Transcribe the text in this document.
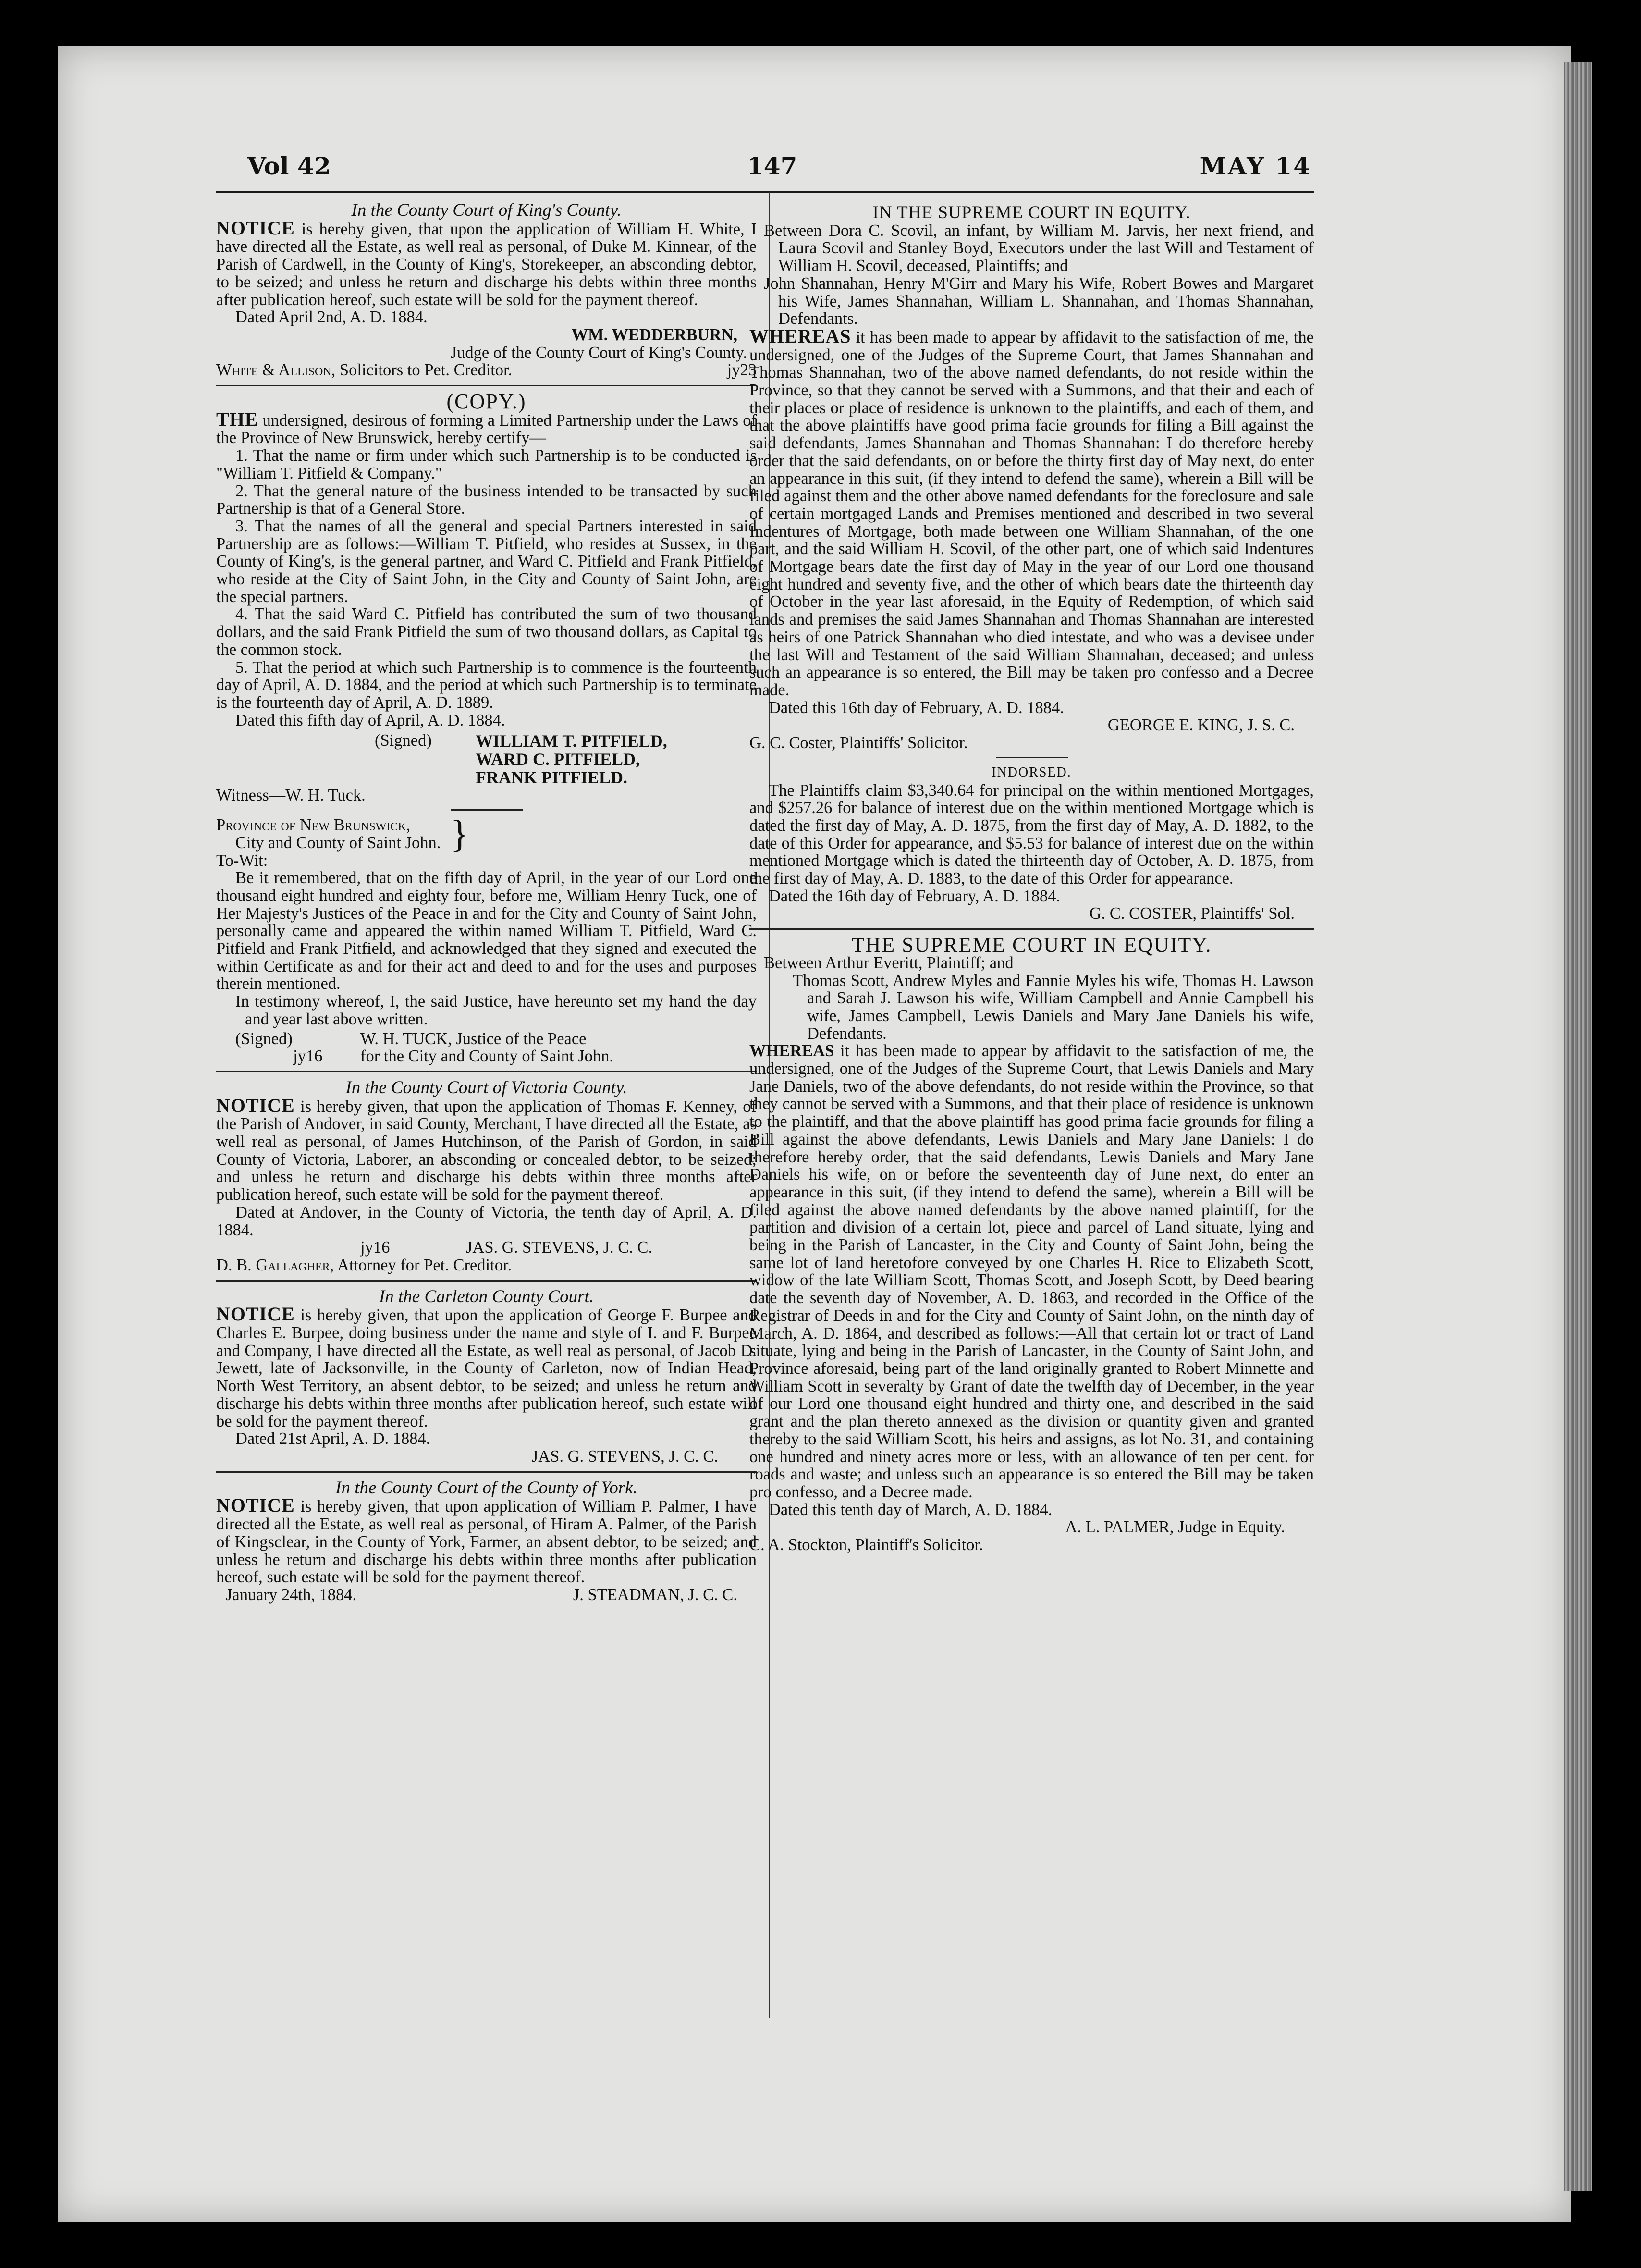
Vol 42	147	MAY 14

In the County Court of King's County.

NOTICE is hereby given, that upon the application of William H. White, I have directed all the Estate, as well real as personal, of Duke M. Kinnear, of the Parish of Cardwell, in the County of King's, Storekeeper, an absconding debtor, to be seized; and unless he return and discharge his debts within three months after publication hereof, such estate will be sold for the payment thereof.

Dated April 2nd, A. D. 1884.

WM. WEDDERBURN,

Judge of the County Court of King's County.

White & Allison, Solicitors to Pet. Creditor.	jy23

(COPY.)

THE undersigned, desirous of forming a Limited Partnership under the Laws of the Province of New Brunswick, hereby certify—

1. That the name or firm under which such Partnership is to be conducted is "William T. Pitfield & Company."

2. That the general nature of the business intended to be transacted by such Partnership is that of a General Store.

3. That the names of all the general and special Partners interested in said Partnership are as follows:—William T. Pitfield, who resides at Sussex, in the County of King's, is the general partner, and Ward C. Pitfield and Frank Pitfield, who reside at the City of Saint John, in the City and County of Saint John, are the special partners.

4. That the said Ward C. Pitfield has contributed the sum of two thousand dollars, and the said Frank Pitfield the sum of two thousand dollars, as Capital to the common stock.

5. That the period at which such Partnership is to commence is the fourteenth day of April, A. D. 1884, and the period at which such Partnership is to terminate is the fourteenth day of April, A. D. 1889.

Dated this fifth day of April, A. D. 1884.

(Signed)	WILLIAM T. PITFIELD,

WARD C. PITFIELD,

FRANK PITFIELD.

Witness—W. H. Tuck.

Province of New Brunswick,

City and County of Saint John. }

To-Wit:

Be it remembered, that on the fifth day of April, in the year of our Lord one thousand eight hundred and eighty four, before me, William Henry Tuck, one of Her Majesty's Justices of the Peace in and for the City and County of Saint John, personally came and appeared the within named William T. Pitfield, Ward C. Pitfield and Frank Pitfield, and acknowledged that they signed and executed the within Certificate as and for their act and deed to and for the uses and purposes therein mentioned.

In testimony whereof, I, the said Justice, have hereunto set my hand the day and year last above written.

(Signed)

jy16

W. H. TUCK, Justice of the Peace

for the City and County of Saint John.

In the County Court of Victoria County.

NOTICE is hereby given, that upon the application of Thomas F. Kenney, of the Parish of Andover, in said County, Merchant, I have directed all the Estate, as well real as personal, of James Hutchinson, of the Parish of Gordon, in said County of Victoria, Laborer, an absconding or concealed debtor, to be seized; and unless he return and discharge his debts within three months after publication hereof, such estate will be sold for the payment thereof.

Dated at Andover, in the County of Victoria, the tenth day of April, A. D. 1884.

jy16	JAS. G. STEVENS, J. C. C.

D. B. Gallagher, Attorney for Pet. Creditor.

In the Carleton County Court.

NOTICE is hereby given, that upon the application of George F. Burpee and Charles E. Burpee, doing business under the name and style of I. and F. Burpee and Company, I have directed all the Estate, as well real as personal, of Jacob D. Jewett, late of Jacksonville, in the County of Carleton, now of Indian Head, North West Territory, an absent debtor, to be seized; and unless he return and discharge his debts within three months after publication hereof, such estate will be sold for the payment thereof.

Dated 21st April, A. D. 1884.

JAS. G. STEVENS, J. C. C.

In the County Court of the County of York.

NOTICE is hereby given, that upon application of William P. Palmer, I have directed all the Estate, as well real as personal, of Hiram A. Palmer, of the Parish of Kingsclear, in the County of York, Farmer, an absent debtor, to be seized; and unless he return and discharge his debts within three months after publication hereof, such estate will be sold for the payment thereof.

January 24th, 1884.	J. STEADMAN, J. C. C.

IN THE SUPREME COURT IN EQUITY.

Between Dora C. Scovil, an infant, by William M. Jarvis, her next friend, and Laura Scovil and Stanley Boyd, Executors under the last Will and Testament of William H. Scovil, deceased, Plaintiffs; and

John Shannahan, Henry M'Girr and Mary his Wife, Robert Bowes and Margaret his Wife, James Shannahan, William L. Shannahan, and Thomas Shannahan, Defendants.

WHEREAS it has been made to appear by affidavit to the satisfaction of me, the undersigned, one of the Judges of the Supreme Court, that James Shannahan and Thomas Shannahan, two of the above named defendants, do not reside within the Province, so that they cannot be served with a Summons, and that their and each of their places or place of residence is unknown to the plaintiffs, and each of them, and that the above plaintiffs have good prima facie grounds for filing a Bill against the said defendants, James Shannahan and Thomas Shannahan: I do therefore hereby order that the said defendants, on or before the thirty first day of May next, do enter an appearance in this suit, (if they intend to defend the same), wherein a Bill will be filed against them and the other above named defendants for the foreclosure and sale of certain mortgaged Lands and Premises mentioned and described in two several Indentures of Mortgage, both made between one William Shannahan, of the one part, and the said William H. Scovil, of the other part, one of which said Indentures of Mortgage bears date the first day of May in the year of our Lord one thousand eight hundred and seventy five, and the other of which bears date the thirteenth day of October in the year last aforesaid, in the Equity of Redemption, of which said lands and premises the said James Shannahan and Thomas Shannahan are interested as heirs of one Patrick Shannahan who died intestate, and who was a devisee under the last Will and Testament of the said William Shannahan, deceased; and unless such an appearance is so entered, the Bill may be taken pro confesso and a Decree made.

Dated this 16th day of February, A. D. 1884.

GEORGE E. KING, J. S. C.

G. C. Coster, Plaintiffs' Solicitor.

INDORSED.

The Plaintiffs claim $3,340.64 for principal on the within mentioned Mortgages, and $257.26 for balance of interest due on the within mentioned Mortgage which is dated the first day of May, A. D. 1875, from the first day of May, A. D. 1882, to the date of this Order for appearance, and $5.53 for balance of interest due on the within mentioned Mortgage which is dated the thirteenth day of October, A. D. 1875, from the first day of May, A. D. 1883, to the date of this Order for appearance.

Dated the 16th day of February, A. D. 1884.

G. C. COSTER, Plaintiffs' Sol.

THE SUPREME COURT IN EQUITY.

Between Arthur Everitt, Plaintiff; and

Thomas Scott, Andrew Myles and Fannie Myles his wife, Thomas H. Lawson and Sarah J. Lawson his wife, William Campbell and Annie Campbell his wife, James Campbell, Lewis Daniels and Mary Jane Daniels his wife, Defendants.

WHEREAS it has been made to appear by affidavit to the satisfaction of me, the undersigned, one of the Judges of the Supreme Court, that Lewis Daniels and Mary Jane Daniels, two of the above defendants, do not reside within the Province, so that they cannot be served with a Summons, and that their place of residence is unknown to the plaintiff, and that the above plaintiff has good prima facie grounds for filing a Bill against the above defendants, Lewis Daniels and Mary Jane Daniels: I do therefore hereby order, that the said defendants, Lewis Daniels and Mary Jane Daniels his wife, on or before the seventeenth day of June next, do enter an appearance in this suit, (if they intend to defend the same), wherein a Bill will be filed against the above named defendants by the above named plaintiff, for the partition and division of a certain lot, piece and parcel of Land situate, lying and being in the Parish of Lancaster, in the City and County of Saint John, being the same lot of land heretofore conveyed by one Charles H. Rice to Elizabeth Scott, widow of the late William Scott, Thomas Scott, and Joseph Scott, by Deed bearing date the seventh day of November, A. D. 1863, and recorded in the Office of the Registrar of Deeds in and for the City and County of Saint John, on the ninth day of March, A. D. 1864, and described as follows:—All that certain lot or tract of Land situate, lying and being in the Parish of Lancaster, in the County of Saint John, and Province aforesaid, being part of the land originally granted to Robert Minnette and William Scott in severalty by Grant of date the twelfth day of December, in the year of our Lord one thousand eight hundred and thirty one, and described in the said grant and the plan thereto annexed as the division or quantity given and granted thereby to the said William Scott, his heirs and assigns, as lot No. 31, and containing one hundred and ninety acres more or less, with an allowance of ten per cent. for roads and waste; and unless such an appearance is so entered the Bill may be taken pro confesso, and a Decree made.

Dated this tenth day of March, A. D. 1884.

A. L. PALMER, Judge in Equity.

C. A. Stockton, Plaintiff's Solicitor.
